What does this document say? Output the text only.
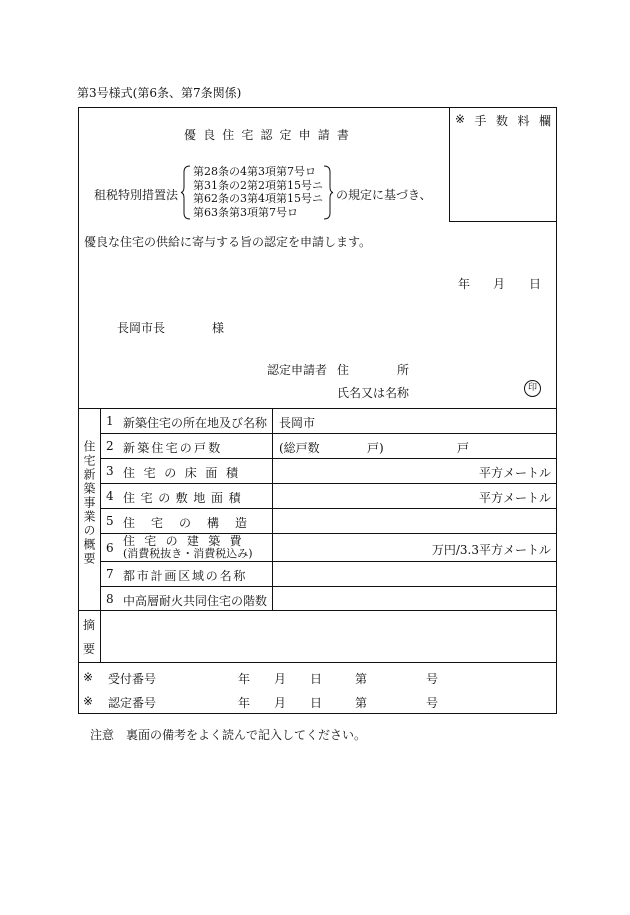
第3号様式(第6条、第7条関係)
※ 手 数 料 欄
優 良 住 宅 認 定 申 請 書
租税特別措置法
第28条の4第3項第7号ロ
第31条の2第2項第15号ニ
第62条の3第4項第15号ニ
第63条第3項第7号ロ
の規定に基づき、
優良な住宅の供給に寄与する旨の認定を申請します。
年 月 日
長岡市長	様
認定申請者 住	所
氏名又は名称	印
住宅新築事業の概要
1 新築住宅の所在地及び名称 長岡市
2 新築住宅の戸数	(総戸数	戸)	戸
3 住宅の床面積	平方メートル
4 住宅の敷地面積	平方メートル
5 住宅の構造
6 住宅の建築費
(消費税抜き・消費税込み)	万円/3.3平方メートル
7 都市計画区域の名称
8 中高層耐火共同住宅の階数
摘
要
※ 受付番号	年 月 日	第	号
※ 認定番号	年 月 日	第	号
注意 裏面の備考をよく読んで記入してください。
